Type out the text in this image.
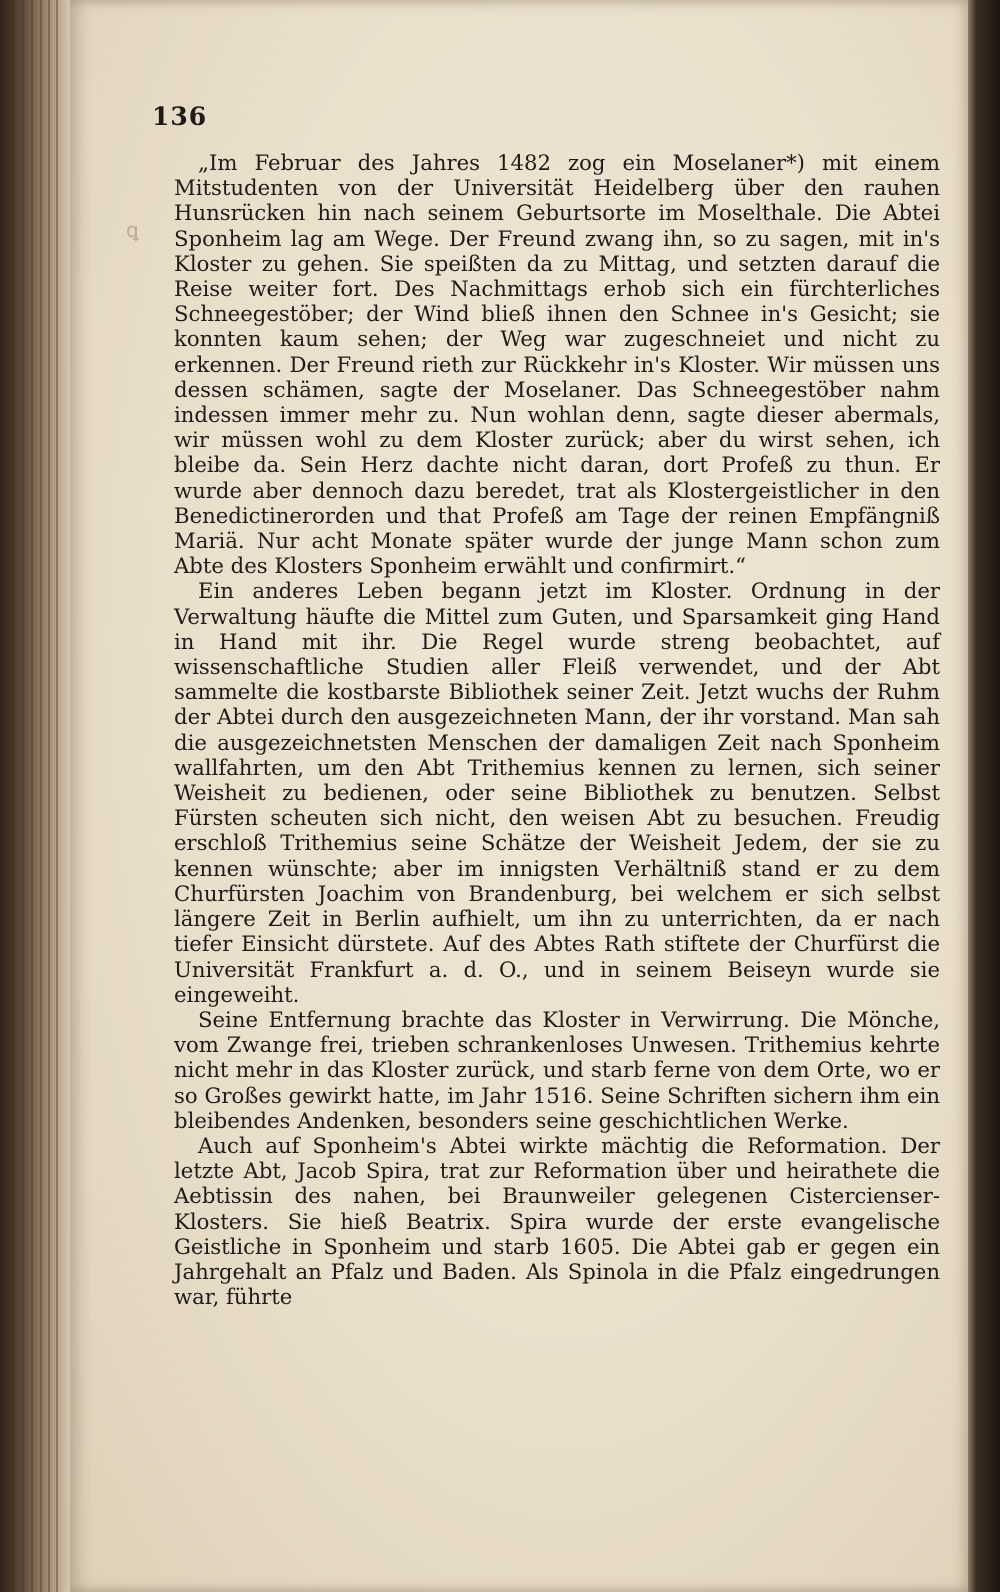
136
ꝗ

„Im Februar des Jahres 1482 zog ein Moselaner*) mit einem Mitstudenten von der Universität Heidelberg über den rauhen Hunsrücken hin nach seinem Geburtsorte im Moselthale. Die Abtei Sponheim lag am Wege. Der Freund zwang ihn, so zu sagen, mit in's Kloster zu gehen. Sie speißten da zu Mittag, und setzten darauf die Reise weiter fort. Des Nachmittags erhob sich ein fürchterliches Schneegestöber; der Wind bließ ihnen den Schnee in's Gesicht; sie konnten kaum sehen; der Weg war zugeschneiet und nicht zu erkennen. Der Freund rieth zur Rückkehr in's Kloster. Wir müssen uns dessen schämen, sagte der Moselaner. Das Schneegestöber nahm indessen immer mehr zu. Nun wohlan denn, sagte dieser abermals, wir müssen wohl zu dem Kloster zurück; aber du wirst sehen, ich bleibe da. Sein Herz dachte nicht daran, dort Profeß zu thun. Er wurde aber dennoch dazu beredet, trat als Klostergeistlicher in den Benedictinerorden und that Profeß am Tage der reinen Empfängniß Mariä. Nur acht Monate später wurde der junge Mann schon zum Abte des Klosters Sponheim erwählt und confirmirt.“

Ein anderes Leben begann jetzt im Kloster. Ordnung in der Verwaltung häufte die Mittel zum Guten, und Sparsamkeit ging Hand in Hand mit ihr. Die Regel wurde streng beobachtet, auf wissenschaftliche Studien aller Fleiß verwendet, und der Abt sammelte die kostbarste Bibliothek seiner Zeit. Jetzt wuchs der Ruhm der Abtei durch den ausgezeichneten Mann, der ihr vorstand. Man sah die ausgezeichnetsten Menschen der damaligen Zeit nach Sponheim wallfahrten, um den Abt Trithemius kennen zu lernen, sich seiner Weisheit zu bedienen, oder seine Bibliothek zu benutzen. Selbst Fürsten scheuten sich nicht, den weisen Abt zu besuchen. Freudig erschloß Trithemius seine Schätze der Weisheit Jedem, der sie zu kennen wünschte; aber im innigsten Verhältniß stand er zu dem Churfürsten Joachim von Brandenburg, bei welchem er sich selbst längere Zeit in Berlin aufhielt, um ihn zu unterrichten, da er nach tiefer Einsicht dürstete. Auf des Abtes Rath stiftete der Churfürst die Universität Frankfurt a. d. O., und in seinem Beiseyn wurde sie eingeweiht.

Seine Entfernung brachte das Kloster in Verwirrung. Die Mönche, vom Zwange frei, trieben schrankenloses Unwesen. Trithemius kehrte nicht mehr in das Kloster zurück, und starb ferne von dem Orte, wo er so Großes gewirkt hatte, im Jahr 1516. Seine Schriften sichern ihm ein bleibendes Andenken, besonders seine geschichtlichen Werke.

Auch auf Sponheim's Abtei wirkte mächtig die Reformation. Der letzte Abt, Jacob Spira, trat zur Reformation über und heirathete die Aebtissin des nahen, bei Braunweiler gelegenen Cistercienser-Klosters. Sie hieß Beatrix. Spira wurde der erste evangelische Geistliche in Sponheim und starb 1605. Die Abtei gab er gegen ein Jahrgehalt an Pfalz und Baden. Als Spinola in die Pfalz eingedrungen war, führte
